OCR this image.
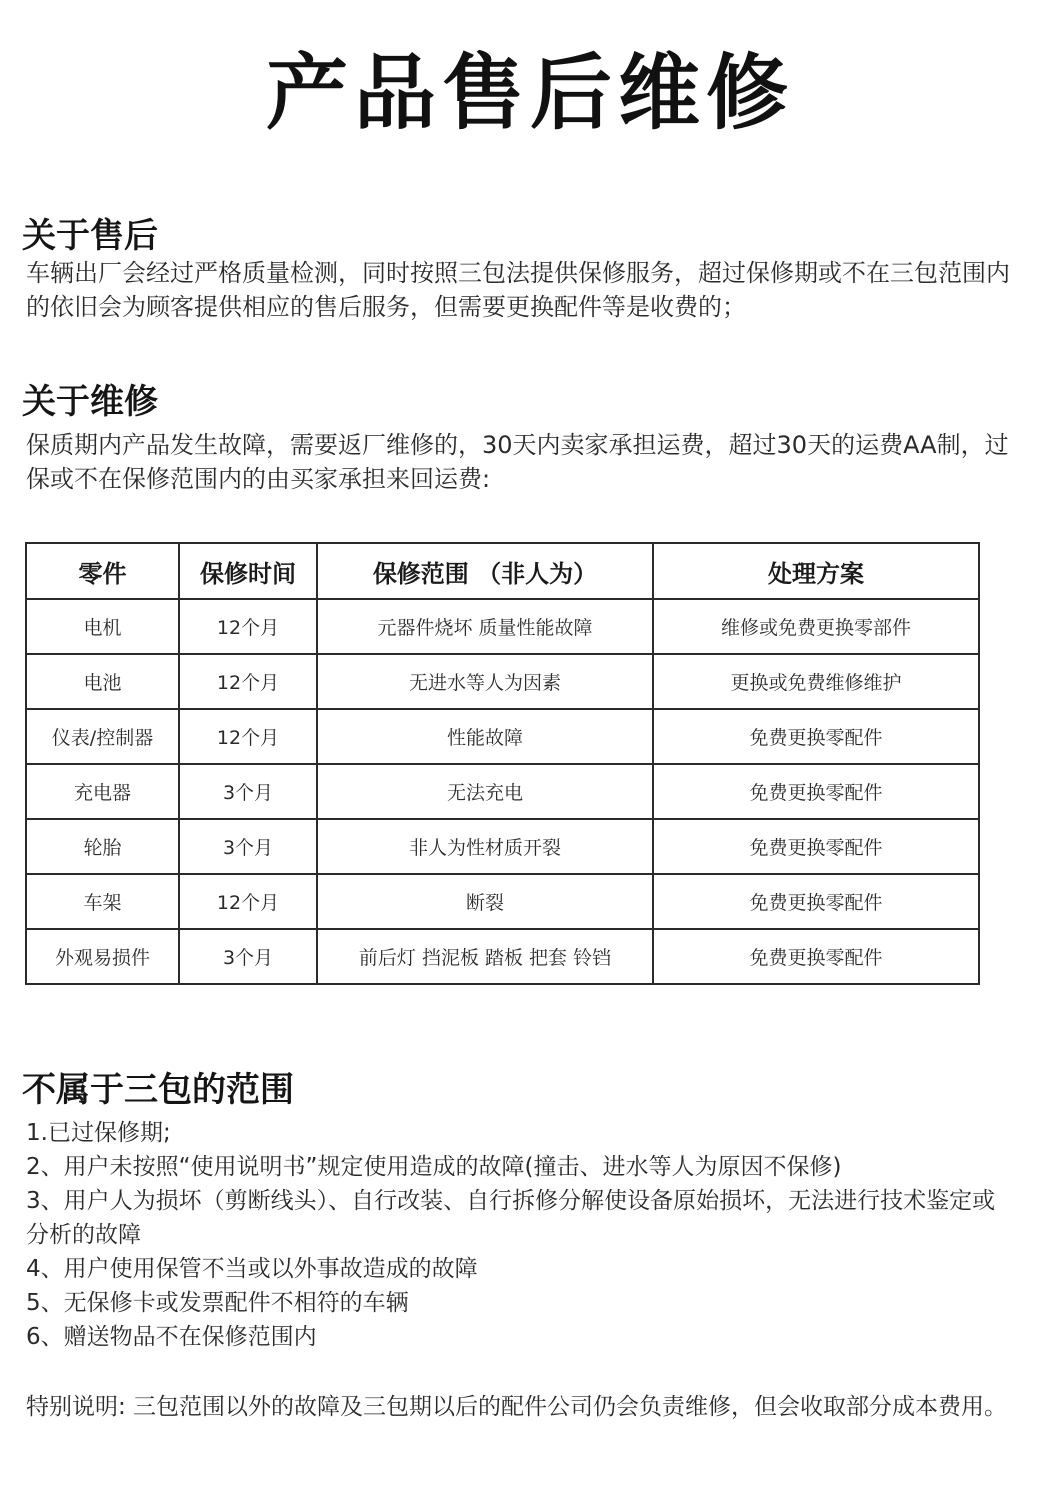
产品售后维修
关于售后
车辆出厂会经过严格质量检测，同时按照三包法提供保修服务，超过保修期或不在三包范围内的依旧会为顾客提供相应的售后服务，但需要更换配件等是收费的；
关于维修
保质期内产品发生故障，需要返厂维修的，30天内卖家承担运费，超过30天的运费AA制，过保或不在保修范围内的由买家承担来回运费:
零件	保修时间	保修范围 （非人为）	处理方案
电机	12个月	元器件烧坏 质量性能故障	维修或免费更换零部件
电池	12个月	无进水等人为因素	更换或免费维修维护
仪表/控制器	12个月	性能故障	免费更换零配件
充电器	3个月	无法充电	免费更换零配件
轮胎	3个月	非人为性材质开裂	免费更换零配件
车架	12个月	断裂	免费更换零配件
外观易损件	3个月	前后灯 挡泥板 踏板 把套 铃铛	免费更换零配件
不属于三包的范围
1.已过保修期;
2、用户未按照“使用说明书”规定使用造成的故障(撞击、进水等人为原因不保修)
3、用户人为损坏（剪断线头）、自行改装、自行拆修分解使设备原始损坏，无法进行技术鉴定或分析的故障
4、用户使用保管不当或以外事故造成的故障
5、无保修卡或发票配件不相符的车辆
6、赠送物品不在保修范围内
特别说明: 三包范围以外的故障及三包期以后的配件公司仍会负责维修，但会收取部分成本费用。
